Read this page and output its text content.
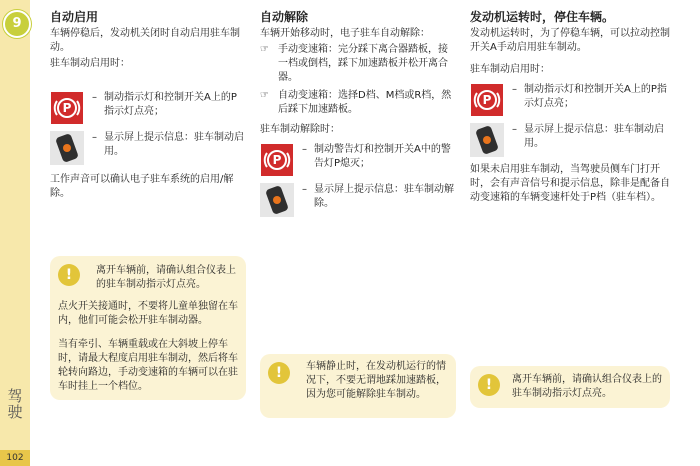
9
驾驶
102
自动启用
车辆停稳后，发动机关闭时自动启用驻车制动。
驻车制动启用时：
P
– 制动指示灯和控制开关A上的P指示灯点亮；
– 显示屏上提示信息：驻车制动启用。
工作声音可以确认电子驻车系统的启用/解除。
自动解除
车辆开始移动时，电子驻车自动解除：
☞ 手动变速箱：完分踩下离合器踏板，接一档或倒档，踩下加速踏板并松开离合器。
☞ 自动变速箱：选择D档、M档或R档，然后踩下加速踏板。
驻车制动解除时：
P
– 制动警告灯和控制开关A中的警告灯P熄灭；
– 显示屏上提示信息：驻车制动解除。
发动机运转时，停住车辆。
发动机运转时，为了停稳车辆，可以拉动控制开关A手动启用驻车制动。
驻车制动启用时：
P
– 制动指示灯和控制开关A上的P指示灯点亮；
– 显示屏上提示信息：驻车制动启用。
如果未启用驻车制动，当驾驶员侧车门打开时，会有声音信号和提示信息，除非是配备自动变速箱的车辆变速杆处于P档（驻车档）。
!	离开车辆前，请确认组合仪表上的驻车制动指示灯点亮。
点火开关接通时，不要将儿童单独留在车内，他们可能会松开驻车制动器。
当有牵引、车辆重载或在大斜坡上停车时，请最大程度启用驻车制动，然后将车轮转向路边，手动变速箱的车辆可以在驻车时挂上一个档位。
!	车辆静止时，在发动机运行的情况下，不要无谓地踩加速踏板，因为您可能解除驻车制动。
!	离开车辆前，请确认组合仪表上的驻车制动指示灯点亮。
